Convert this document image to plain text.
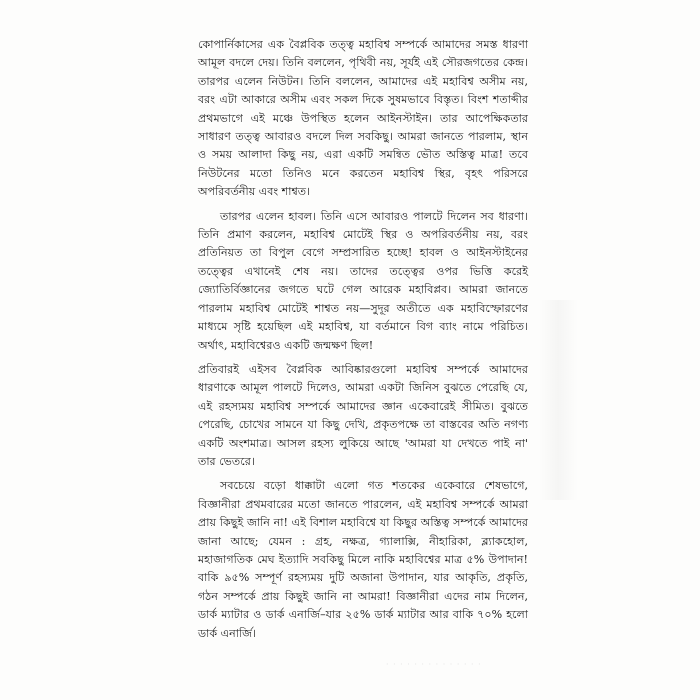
কোপার্নিকাসের এক বৈপ্লবিক তত্ত্ব মহাবিশ্ব সম্পর্কে আমাদের সমস্ত ধারণা আমূল বদলে দেয়। তিনি বললেন, পৃথিবী নয়, সূর্যই এই সৌরজগতের কেন্দ্র। তারপর এলেন নিউটন। তিনি বললেন, আমাদের এই মহাবিশ্ব অসীম নয়, বরং এটা আকারে অসীম এবং সকল দিকে সুষমভাবে বিস্তৃত। বিংশ শতাব্দীর প্রথমভাগে এই মঞ্চে উপস্থিত হলেন আইনস্টাইন। তার আপেক্ষিকতার সাধারণ তত্ত্ব আবারও বদলে দিল সবকিছু। আমরা জানতে পারলাম, স্থান ও সময় আলাদা কিছু নয়, এরা একটি সমন্বিত ভৌত অস্তিত্ব মাত্র! তবে নিউটনের মতো তিনিও মনে করতেন মহাবিশ্ব স্থির, বৃহৎ পরিসরে অপরিবর্তনীয় এবং শাশ্বত।

তারপর এলেন হাবল। তিনি এসে আবারও পালটে দিলেন সব ধারণা। তিনি প্রমাণ করলেন, মহাবিশ্ব মোটেই স্থির ও অপরিবর্তনীয় নয়, বরং প্রতিনিয়ত তা বিপুল বেগে সম্প্রসারিত হচ্ছে! হাবল ও আইনস্টাইনের তত্ত্বের এখানেই শেষ নয়। তাদের তত্ত্বের ওপর ভিত্তি করেই জ্যোতির্বিজ্ঞানের জগতে ঘটে গেল আরেক মহাবিপ্লব। আমরা জানতে পারলাম মহাবিশ্ব মোটেই শাশ্বত নয়—সুদূর অতীতে এক মহাবিস্ফোরণের মাধ্যমে সৃষ্টি হয়েছিল এই মহাবিশ্ব, যা বর্তমানে বিগ ব্যাং নামে পরিচিত। অর্থাৎ, মহাবিশ্বেরও একটি জন্মক্ষণ ছিল!

প্রতিবারই এইসব বৈপ্লবিক আবিষ্কারগুলো মহাবিশ্ব সম্পর্কে আমাদের ধারণাকে আমূল পালটে দিলেও, আমরা একটা জিনিস বুঝতে পেরেছি যে, এই রহস্যময় মহাবিশ্ব সম্পর্কে আমাদের জ্ঞান একেবারেই সীমিত। বুঝতে পেরেছি, চোখের সামনে যা কিছু দেখি, প্রকৃতপক্ষে তা বাস্তবের অতি নগণ্য একটি অংশমাত্র। আসল রহস্য লুকিয়ে আছে 'আমরা যা দেখতে পাই না' তার ভেতরে।

সবচেয়ে বড়ো ধাক্কাটা এলো গত শতকের একেবারে শেষভাগে, বিজ্ঞানীরা প্রথমবারের মতো জানতে পারলেন, এই মহাবিশ্ব সম্পর্কে আমরা প্রায় কিছুই জানি না! এই বিশাল মহাবিশ্বে যা কিছুর অস্তিত্ব সম্পর্কে আমাদের জানা আছে; যেমন : গ্রহ, নক্ষত্র, গ্যালাক্সি, নীহারিকা, ব্ল্যাকহোল, মহাজাগতিক মেঘ ইত্যাদি সবকিছু মিলে নাকি মহাবিশ্বের মাত্র ৫% উপাদান! বাকি ৯৫% সম্পূর্ণ রহস্যময় দুটি অজানা উপাদান, যার আকৃতি, প্রকৃতি, গঠন সম্পর্কে প্রায় কিছুই জানি না আমরা! বিজ্ঞানীরা এদের নাম দিলেন, ডার্ক ম্যাটার ও ডার্ক এনার্জি–যার ২৫% ডার্ক ম্যাটার আর বাকি ৭০% হলো ডার্ক এনার্জি।

· · · · · · · · · · · · · ·
